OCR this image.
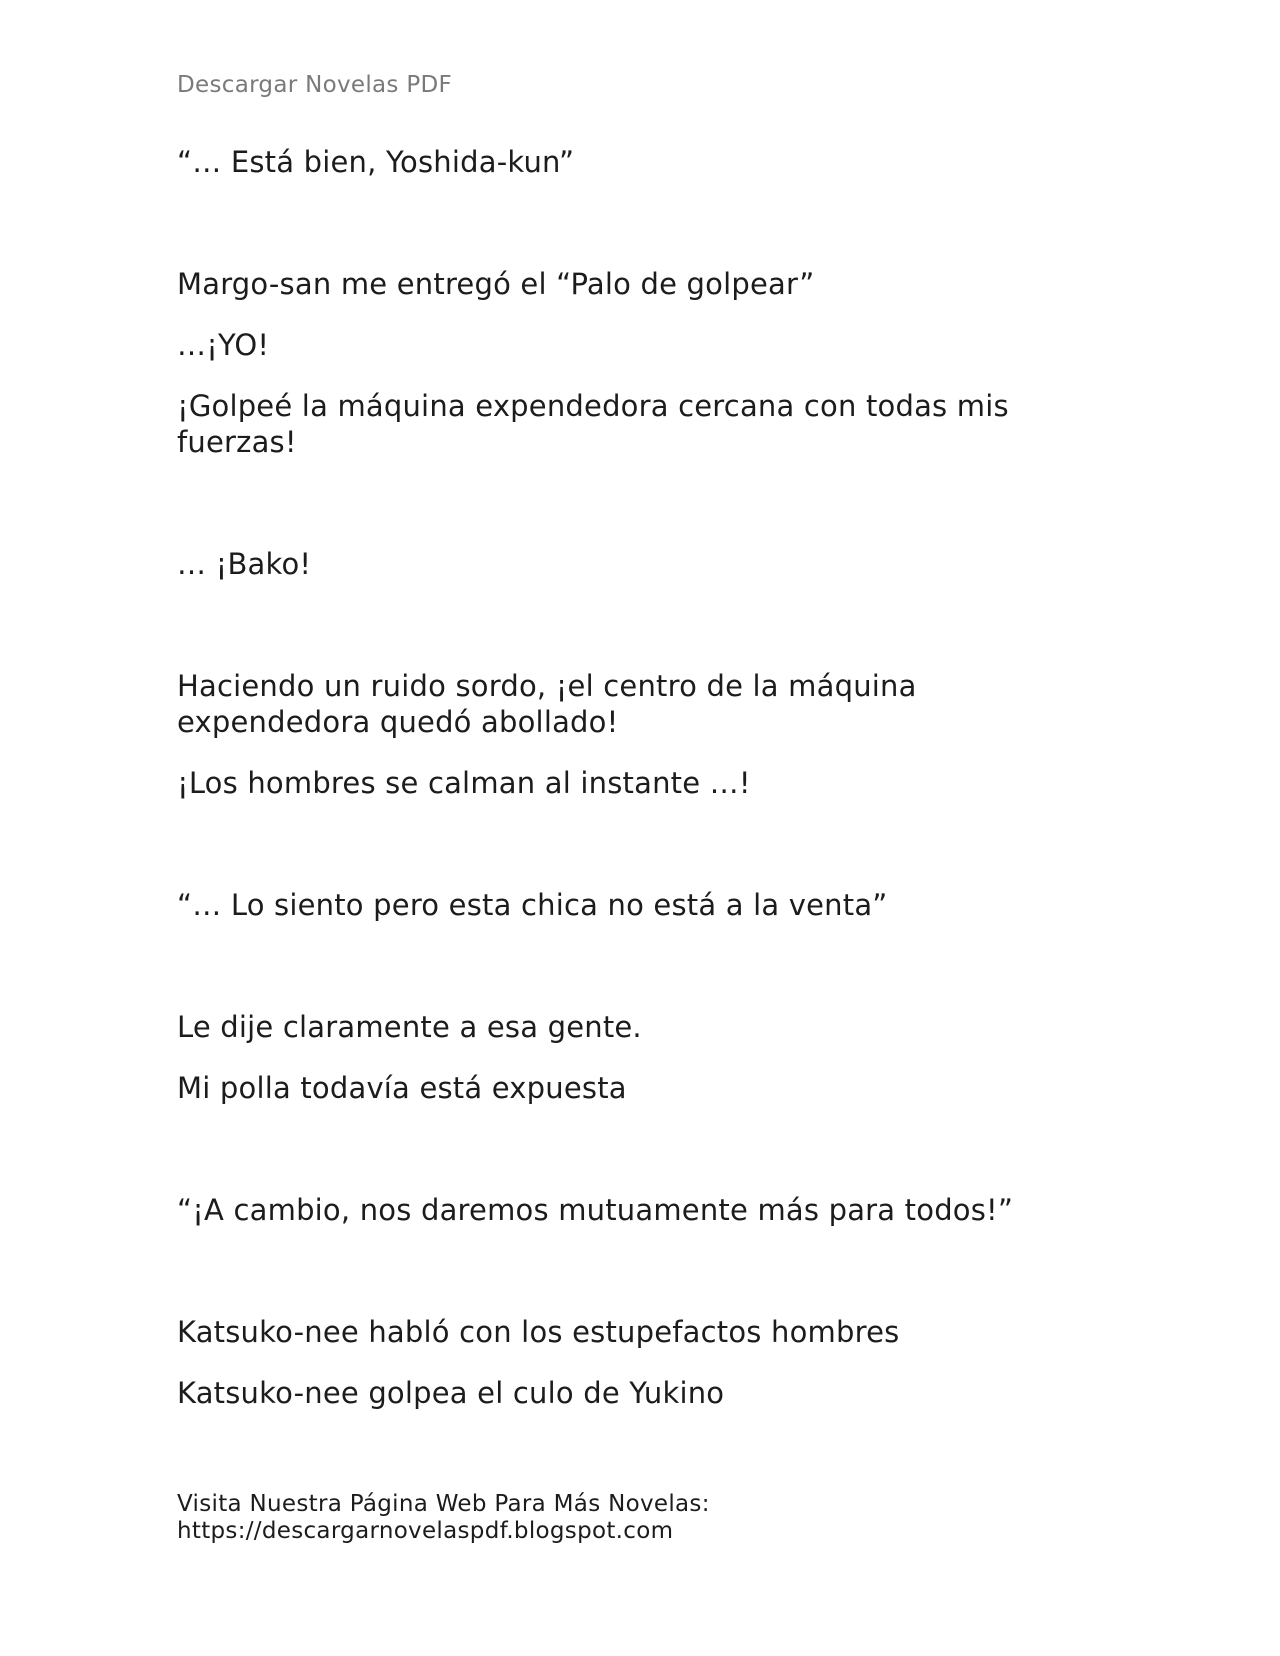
Descargar Novelas PDF

“… Está bien, Yoshida-kun”

Margo-san me entregó el “Palo de golpear”

…¡YO!

¡Golpeé la máquina expendedora cercana con todas mis fuerzas!

… ¡Bako!

Haciendo un ruido sordo, ¡el centro de la máquina expendedora quedó abollado!

¡Los hombres se calman al instante …!

“… Lo siento pero esta chica no está a la venta”

Le dije claramente a esa gente.

Mi polla todavía está expuesta

“¡A cambio, nos daremos mutuamente más para todos!”

Katsuko-nee habló con los estupefactos hombres

Katsuko-nee golpea el culo de Yukino

Visita Nuestra Página Web Para Más Novelas:
https://descargarnovelaspdf.blogspot.com
